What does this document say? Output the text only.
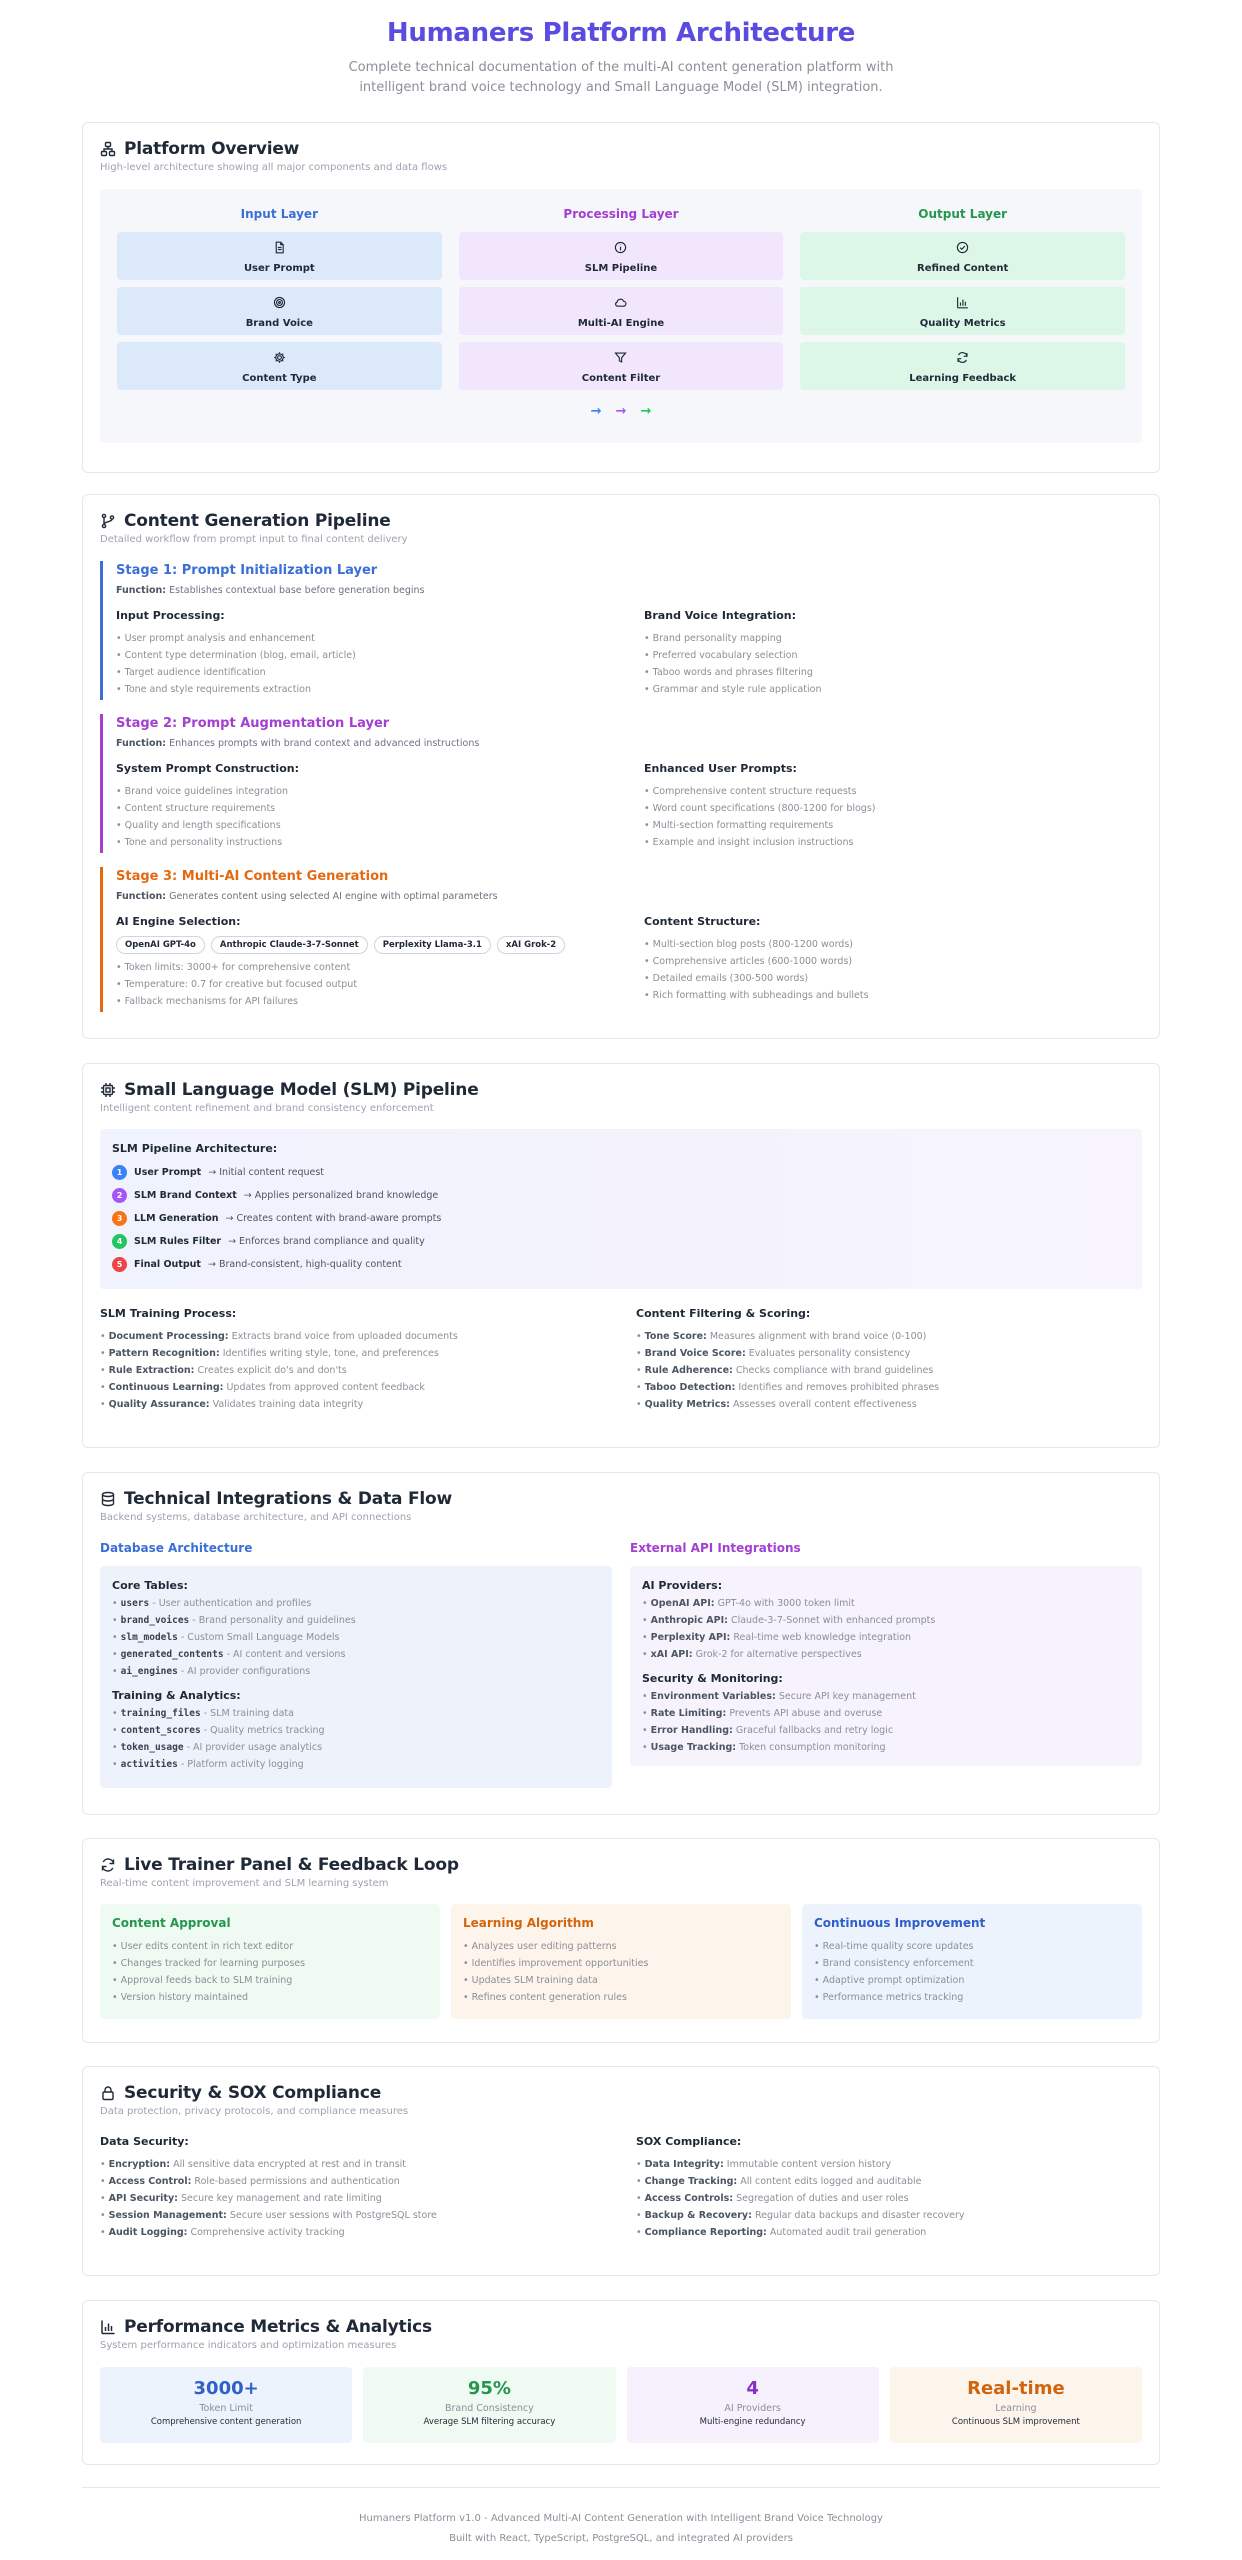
Humaners Platform Architecture
Complete technical documentation of the multi-AI content generation platform with intelligent brand voice technology and Small Language Model (SLM) integration.
Platform Overview
High-level architecture showing all major components and data flows
Input Layer
User Prompt
Brand Voice
Content Type
Processing Layer
SLM Pipeline
Multi-AI Engine
Content Filter
Output Layer
Refined Content
Quality Metrics
Learning Feedback
→ → →
Content Generation Pipeline
Detailed workflow from prompt input to final content delivery
Stage 1: Prompt Initialization Layer
Function: Establishes contextual base before generation begins
Input Processing:
• User prompt analysis and enhancement
• Content type determination (blog, email, article)
• Target audience identification
• Tone and style requirements extraction
Brand Voice Integration:
• Brand personality mapping
• Preferred vocabulary selection
• Taboo words and phrases filtering
• Grammar and style rule application
Stage 2: Prompt Augmentation Layer
Function: Enhances prompts with brand context and advanced instructions
System Prompt Construction:
• Brand voice guidelines integration
• Content structure requirements
• Quality and length specifications
• Tone and personality instructions
Enhanced User Prompts:
• Comprehensive content structure requests
• Word count specifications (800-1200 for blogs)
• Multi-section formatting requirements
• Example and insight inclusion instructions
Stage 3: Multi-AI Content Generation
Function: Generates content using selected AI engine with optimal parameters
AI Engine Selection:
OpenAI GPT-4o	Anthropic Claude-3-7-Sonnet	Perplexity Llama-3.1	xAI Grok-2
• Token limits: 3000+ for comprehensive content
• Temperature: 0.7 for creative but focused output
• Fallback mechanisms for API failures
Content Structure:
• Multi-section blog posts (800-1200 words)
• Comprehensive articles (600-1000 words)
• Detailed emails (300-500 words)
• Rich formatting with subheadings and bullets
Small Language Model (SLM) Pipeline
Intelligent content refinement and brand consistency enforcement
SLM Pipeline Architecture:
1	User Prompt → Initial content request
2	SLM Brand Context → Applies personalized brand knowledge
3	LLM Generation → Creates content with brand-aware prompts
4	SLM Rules Filter → Enforces brand compliance and quality
5	Final Output → Brand-consistent, high-quality content
SLM Training Process:
• Document Processing: Extracts brand voice from uploaded documents
• Pattern Recognition: Identifies writing style, tone, and preferences
• Rule Extraction: Creates explicit do's and don'ts
• Continuous Learning: Updates from approved content feedback
• Quality Assurance: Validates training data integrity
Content Filtering & Scoring:
• Tone Score: Measures alignment with brand voice (0-100)
• Brand Voice Score: Evaluates personality consistency
• Rule Adherence: Checks compliance with brand guidelines
• Taboo Detection: Identifies and removes prohibited phrases
• Quality Metrics: Assesses overall content effectiveness
Technical Integrations & Data Flow
Backend systems, database architecture, and API connections
Database Architecture
Core Tables:
• users - User authentication and profiles
• brand_voices - Brand personality and guidelines
• slm_models - Custom Small Language Models
• generated_contents - AI content and versions
• ai_engines - AI provider configurations
Training & Analytics:
• training_files - SLM training data
• content_scores - Quality metrics tracking
• token_usage - AI provider usage analytics
• activities - Platform activity logging
External API Integrations
AI Providers:
• OpenAI API: GPT-4o with 3000 token limit
• Anthropic API: Claude-3-7-Sonnet with enhanced prompts
• Perplexity API: Real-time web knowledge integration
• xAI API: Grok-2 for alternative perspectives
Security & Monitoring:
• Environment Variables: Secure API key management
• Rate Limiting: Prevents API abuse and overuse
• Error Handling: Graceful fallbacks and retry logic
• Usage Tracking: Token consumption monitoring
Live Trainer Panel & Feedback Loop
Real-time content improvement and SLM learning system
Content Approval
• User edits content in rich text editor
• Changes tracked for learning purposes
• Approval feeds back to SLM training
• Version history maintained
Learning Algorithm
• Analyzes user editing patterns
• Identifies improvement opportunities
• Updates SLM training data
• Refines content generation rules
Continuous Improvement
• Real-time quality score updates
• Brand consistency enforcement
• Adaptive prompt optimization
• Performance metrics tracking
Security & SOX Compliance
Data protection, privacy protocols, and compliance measures
Data Security:
• Encryption: All sensitive data encrypted at rest and in transit
• Access Control: Role-based permissions and authentication
• API Security: Secure key management and rate limiting
• Session Management: Secure user sessions with PostgreSQL store
• Audit Logging: Comprehensive activity tracking
SOX Compliance:
• Data Integrity: Immutable content version history
• Change Tracking: All content edits logged and auditable
• Access Controls: Segregation of duties and user roles
• Backup & Recovery: Regular data backups and disaster recovery
• Compliance Reporting: Automated audit trail generation
Performance Metrics & Analytics
System performance indicators and optimization measures
3000+
Token Limit
Comprehensive content generation
95%
Brand Consistency
Average SLM filtering accuracy
4
AI Providers
Multi-engine redundancy
Real-time
Learning
Continuous SLM improvement
Humaners Platform v1.0 - Advanced Multi-AI Content Generation with Intelligent Brand Voice Technology
Built with React, TypeScript, PostgreSQL, and integrated AI providers
